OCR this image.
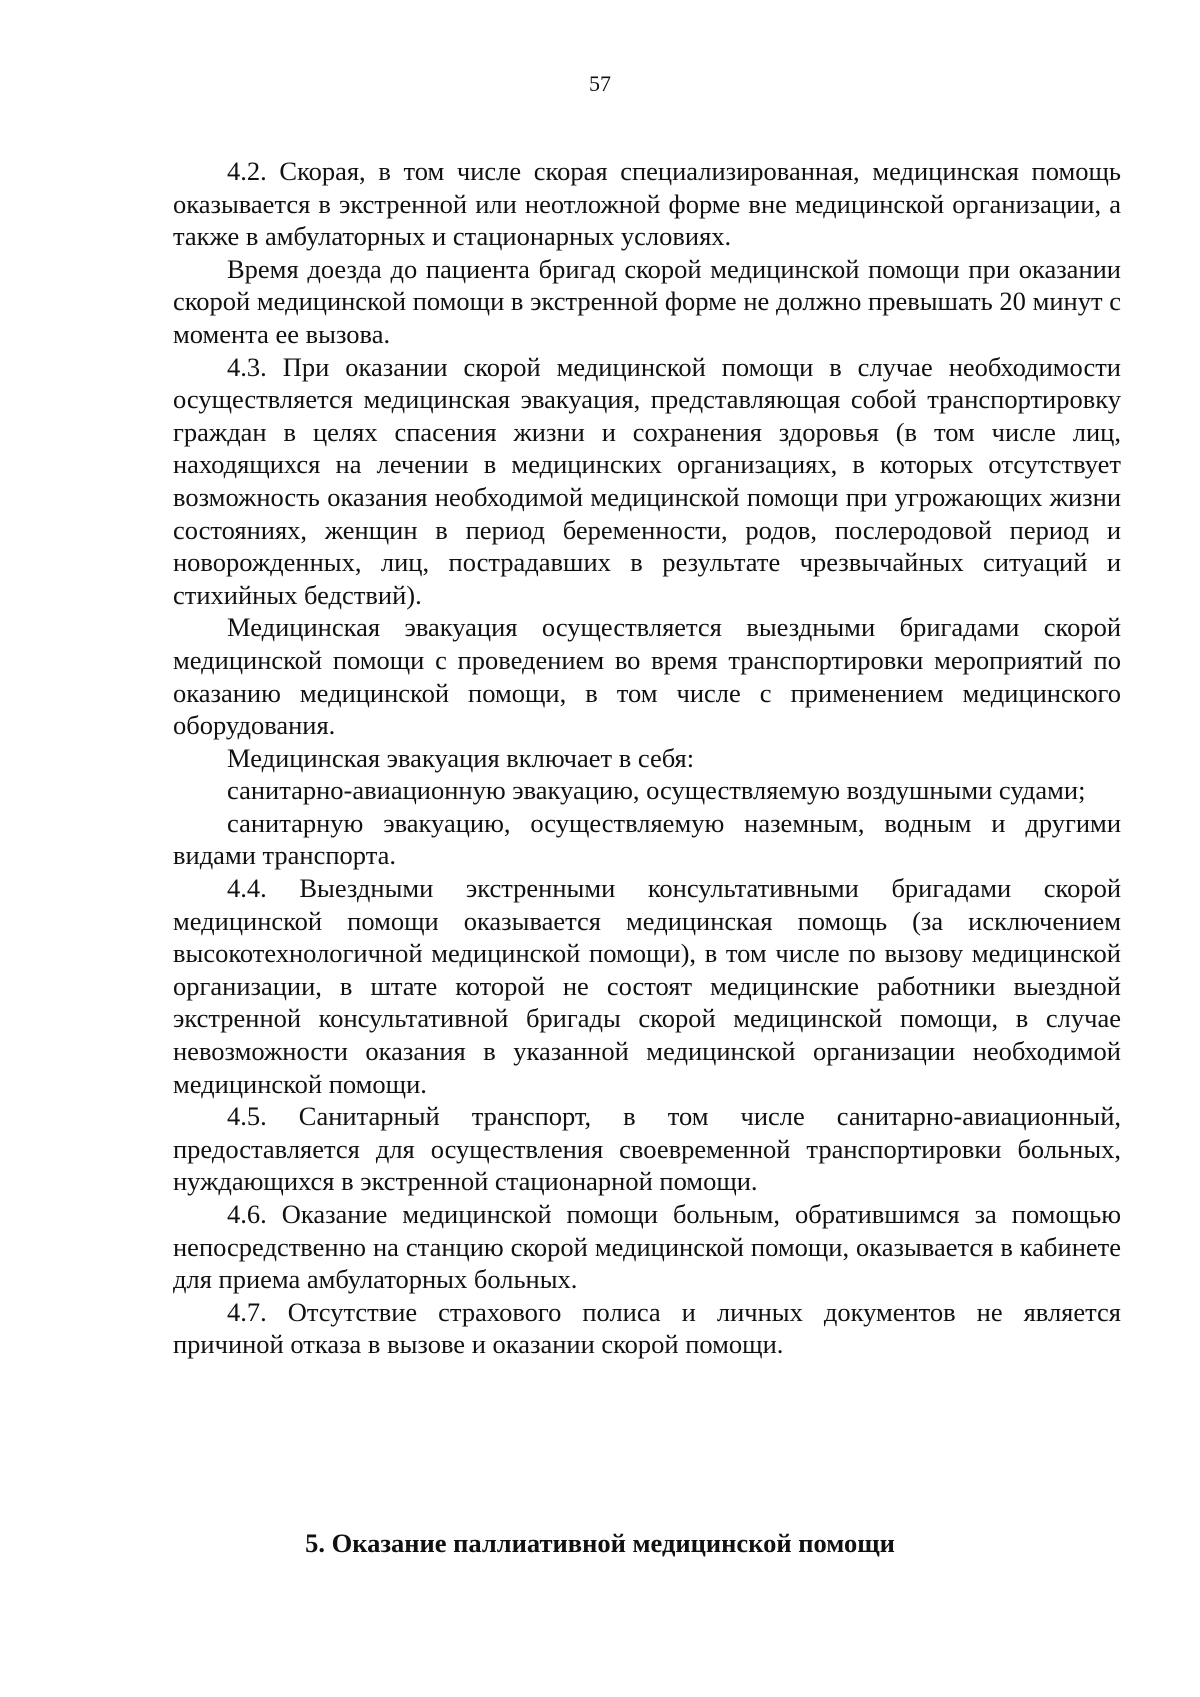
57

4.2. Скорая, в том числе скорая специализированная, медицинская помощь оказывается в экстренной или неотложной форме вне медицинской организации, а также в амбулаторных и стационарных условиях.

Время доезда до пациента бригад скорой медицинской помощи при оказании скорой медицинской помощи в экстренной форме не должно превышать 20 минут с момента ее вызова.

4.3. При оказании скорой медицинской помощи в случае необходимости осуществляется медицинская эвакуация, представляющая собой транспортировку граждан в целях спасения жизни и сохранения здоровья (в том числе лиц, находящихся на лечении в медицинских организациях, в которых отсутствует возможность оказания необходимой медицинской помощи при угрожающих жизни состояниях, женщин в период беременности, родов, послеродовой период и новорожденных, лиц, пострадавших в результате чрезвычайных ситуаций и стихийных бедствий).

Медицинская эвакуация осуществляется выездными бригадами скорой медицинской помощи с проведением во время транспортировки мероприятий по оказанию медицинской помощи, в том числе с применением медицинского оборудования.

Медицинская эвакуация включает в себя:

санитарно-авиационную эвакуацию, осуществляемую воздушными судами;

санитарную эвакуацию, осуществляемую наземным, водным и другими видами транспорта.

4.4. Выездными экстренными консультативными бригадами скорой медицинской помощи оказывается медицинская помощь (за исключением высокотехнологичной медицинской помощи), в том числе по вызову медицинской организации, в штате которой не состоят медицинские работники выездной экстренной консультативной бригады скорой медицинской помощи, в случае невозможности оказания в указанной медицинской организации необходимой медицинской помощи.

4.5. Санитарный транспорт, в том числе санитарно-авиационный, предоставляется для осуществления своевременной транспортировки больных, нуждающихся в экстренной стационарной помощи.

4.6. Оказание медицинской помощи больным, обратившимся за помощью непосредственно на станцию скорой медицинской помощи, оказывается в кабинете для приема амбулаторных больных.

4.7. Отсутствие страхового полиса и личных документов не является причиной отказа в вызове и оказании скорой помощи.

5. Оказание паллиативной медицинской помощи
